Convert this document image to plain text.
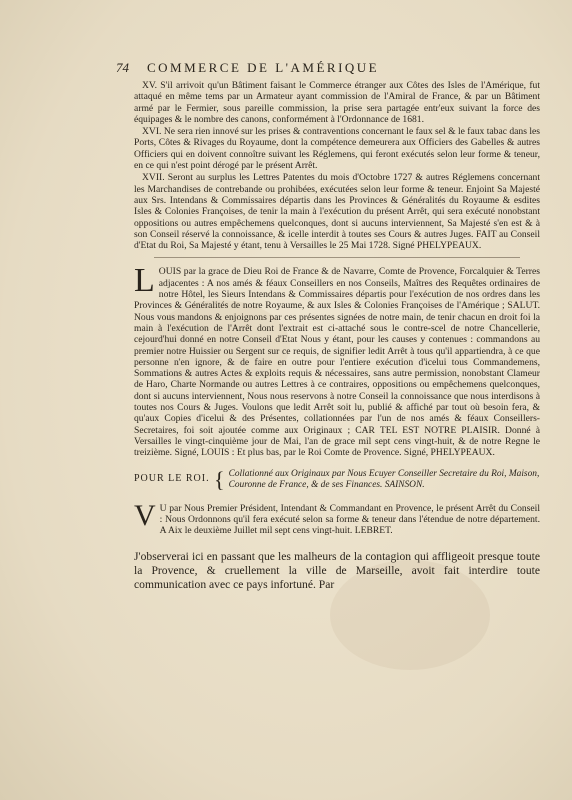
74 COMMERCE DE L'AMÉRIQUE

XV. S'il arrivoit qu'un Bâtiment faisant le Commerce étranger aux Côtes des Isles de l'Amérique, fut attaqué en même tems par un Armateur ayant commission de l'Amiral de France, & par un Bâtiment armé par le Fermier, sous pareille commission, la prise sera partagée entr'eux suivant la force des équipages & le nombre des canons, conformément à l'Ordonnance de 1681.

XVI. Ne sera rien innové sur les prises & contraventions concernant le faux sel & le faux tabac dans les Ports, Côtes & Rivages du Royaume, dont la compétence demeurera aux Officiers des Gabelles & autres Officiers qui en doivent connoître suivant les Réglemens, qui feront exécutés selon leur forme & teneur, en ce qui n'est point dérogé par le présent Arrêt.

XVII. Seront au surplus les Lettres Patentes du mois d'Octobre 1727 & autres Réglemens concernant les Marchandises de contrebande ou prohibées, exécutées selon leur forme & teneur. Enjoint Sa Majesté aux Srs. Intendans & Commissaires départis dans les Provinces & Généralités du Royaume & esdites Isles & Colonies Françoises, de tenir la main à l'exécution du présent Arrêt, qui sera exécuté nonobstant oppositions ou autres empêchemens quelconques, dont si aucuns interviennent, Sa Majesté s'en est & à son Conseil réservé la connoissance, & icelle interdit à toutes ses Cours & autres Juges. FAIT au Conseil d'Etat du Roi, Sa Majesté y étant, tenu à Versailles le 25 Mai 1728. Signé PHELYPEAUX.

L OUIS par la grace de Dieu Roi de France & de Navarre, Comte de Provence, Forcalquier & Terres adjacentes : A nos amés & féaux Conseillers en nos Conseils, Maîtres des Requêtes ordinaires de notre Hôtel, les Sieurs Intendans & Commissaires départis pour l'exécution de nos ordres dans les Provinces & Généralités de notre Royaume, & aux Isles & Colonies Françoises de l'Amérique ; SALUT. Nous vous mandons & enjoignons par ces présentes signées de notre main, de tenir chacun en droit foi la main à l'exécution de l'Arrêt dont l'extrait est ci-attaché sous le contre-scel de notre Chancellerie, cejourd'hui donné en notre Conseil d'Etat Nous y étant, pour les causes y contenues : commandons au premier notre Huissier ou Sergent sur ce requis, de signifier ledit Arrêt à tous qu'il appartiendra, à ce que personne n'en ignore, & de faire en outre pour l'entiere exécution d'icelui tous Commandemens, Sommations & autres Actes & exploits requis & nécessaires, sans autre permission, nonobstant Clameur de Haro, Charte Normande ou autres Lettres à ce contraires, oppositions ou empêchemens quelconques, dont si aucuns interviennent, Nous nous reservons à notre Conseil la connoissance que nous interdisons à toutes nos Cours & Juges. Voulons que ledit Arrêt soit lu, publié & affiché par tout où besoin fera, & qu'aux Copies d'icelui & des Présentes, collationnées par l'un de nos amés & féaux Conseillers-Secretaires, foi soit ajoutée comme aux Originaux ; CAR TEL EST NOTRE PLAISIR. Donné à Versailles le vingt-cinquième jour de Mai, l'an de grace mil sept cens vingt-huit, & de notre Regne le treizième. Signé, LOUIS : Et plus bas, par le Roi Comte de Provence. Signé, PHELYPEAUX.

POUR LE ROI. { Collationné aux Originaux par Nous Ecuyer Conseiller Secretaire du Roi, Maison, Couronne de France, & de ses Finances. SAINSON.
V U par Nous Premier Président, Intendant & Commandant en Provence, le présent Arrêt du Conseil : Nous Ordonnons qu'il fera exécuté selon sa forme & teneur dans l'étendue de notre département. A Aix le deuxième Juillet mil sept cens vingt-huit. LEBRET.

J'observerai ici en passant que les malheurs de la contagion qui affligeoit presque toute la Provence, & cruellement la ville de Marseille, avoit fait interdire toute communication avec ce pays infortuné. Par
